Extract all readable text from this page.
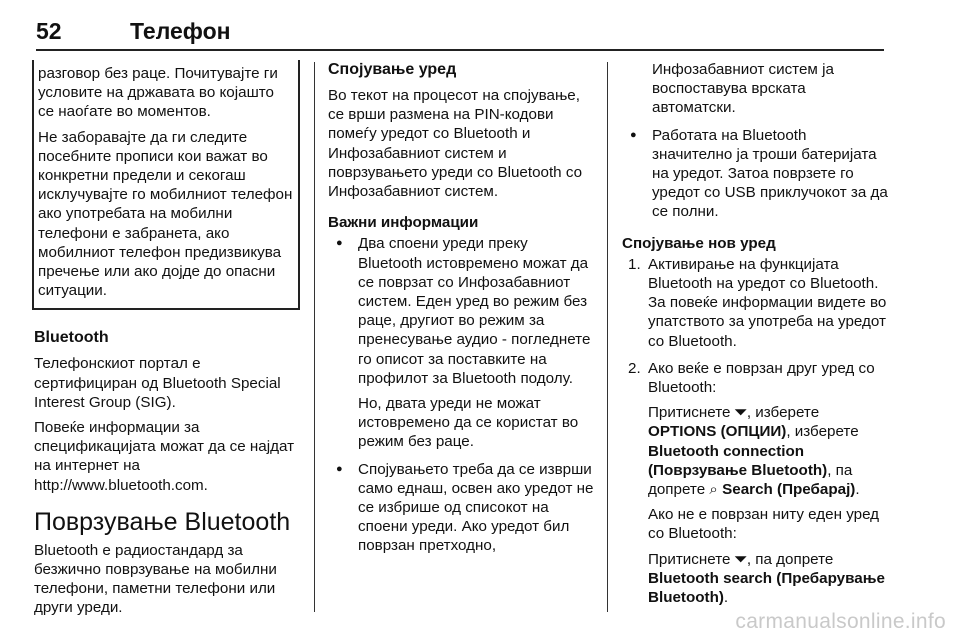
52	Телефон

разговор без раце. Почитувајте ги условите на државата во којашто се наоѓате во моментов.

Не заборавајте да ги следите посебните прописи кои важат во конкретни предели и секогаш исклучувајте го мобилниот телефон ако употребата на мобилни телефони е забранета, ако мобилниот телефон предизвикува пречење или ако дојде до опасни ситуации.

Bluetooth

Телефонскиот портал е сертифициран од Bluetooth Special Interest Group (SIG).

Повеќе информации за спецификацијата можат да се најдат на интернет на http://www.bluetooth.com.

Поврзување Bluetooth

Bluetooth е радиостандард за безжично поврзување на мобилни телефони, паметни телефони или други уреди.

Спојување уред

Во текот на процесот на спојување, се врши размена на PIN-кодови помеѓу уредот со Bluetooth и Инфозабавниот систем и поврзувањето уреди со Bluetooth со Инфозабавниот систем.

Важни информации

● Два споени уреди преку Bluetooth истовремено можат да се поврзат со Инфозабавниот систем. Еден уред во режим без раце, другиот во режим за пренесување аудио - погледнете го описот за поставките на профилот за Bluetooth подолу.

Но, двата уреди не можат истовремено да се користат во режим без раце.

● Спојувањето треба да се изврши само еднаш, освен ако уредот не се избрише од списокот на споени уреди. Ако уредот бил поврзан претходно,

Инфозабавниот систем ја воспоставува врската автоматски.

● Работата на Bluetooth значително ја троши батеријата на уредот. Затоа поврзете го уредот со USB приклучокот за да се полни.

Спојување нов уред
1. Активирање на функцијата Bluetooth на уредот со Bluetooth. За повеќе информации видете во упатството за употреба на уредот со Bluetooth.

2. Ако веќе е поврзан друг уред со Bluetooth:

Притиснете ⏷, изберете OPTIONS (ОПЦИИ), изберете Bluetooth connection (Поврзување Bluetooth), па допрете ⌕ Search (Пребарај).

Ако не е поврзан ниту еден уред со Bluetooth:

Притиснете ⏷, па допрете Bluetooth search (Пребарување Bluetooth).

carmanualsonline.info
